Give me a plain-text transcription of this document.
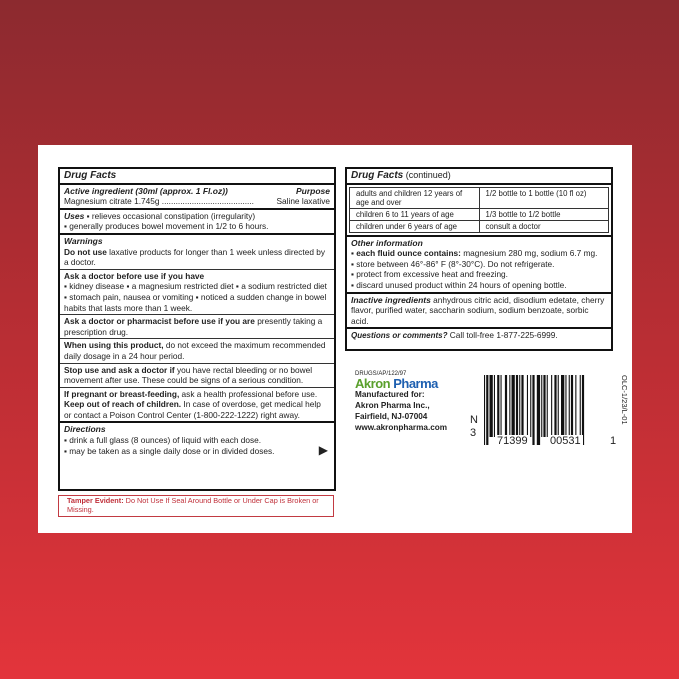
Drug Facts
Active ingredient (30ml (approx. 1 Fl.oz))	Purpose
Magnesium citrate 1.745g ........................................	Saline laxative
Uses ▪ relieves occasional constipation (irregularity)
▪ generally produces bowel movement in 1/2 to 6 hours.
Warnings
Do not use laxative products for longer than 1 week unless directed by a doctor.
Ask a doctor before use if you have
▪ kidney disease ▪ a magnesium restricted diet ▪ a sodium restricted diet ▪ stomach pain, nausea or vomiting ▪ noticed a sudden change in bowel habits that lasts more than 1 week.
Ask a doctor or pharmacist before use if you are presently taking a prescription drug.
When using this product, do not exceed the maximum recommended daily dosage in a 24 hour period.
Stop use and ask a doctor if you have rectal bleeding or no bowel movement after use. These could be signs of a serious condition.
If pregnant or breast-feeding, ask a health professional before use.
Keep out of reach of children. In case of overdose, get medical help or contact a Poison Control Center (1-800-222-1222) right away.
Directions
▪ drink a full glass (8 ounces) of liquid with each dose.
▪ may be taken as a single daily dose or in divided doses.	▶
Tamper Evident: Do Not Use If Seal Around Bottle or Under Cap is Broken or Missing.
Drug Facts (continued)
adults and children 12 years of age and over	1/2 bottle to 1 bottle (10 fl oz)
children 6 to 11 years of age	1/3 bottle to 1/2 bottle
children under 6 years of age	consult a doctor
Other information
▪ each fluid ounce contains: magnesium 280 mg, sodium 6.7 mg.
▪ store between 46°-86° F (8°-30°C). Do not refrigerate.
▪ protect from excessive heat and freezing.
▪ discard unused product within 24 hours of opening bottle.
Inactive ingredients anhydrous citric acid, disodium edetate, cherry flavor, purified water, saccharin sodium, sodium benzoate, sorbic acid.
Questions or comments? Call toll-free 1-877-225-6999.
DRUGS/AP/122/97
Akron Pharma
Manufactured for:
Akron Pharma Inc.,
Fairfield, NJ-07004
www.akronpharma.com
N
3
71399 00531	1
OLC-1/23/L-01
